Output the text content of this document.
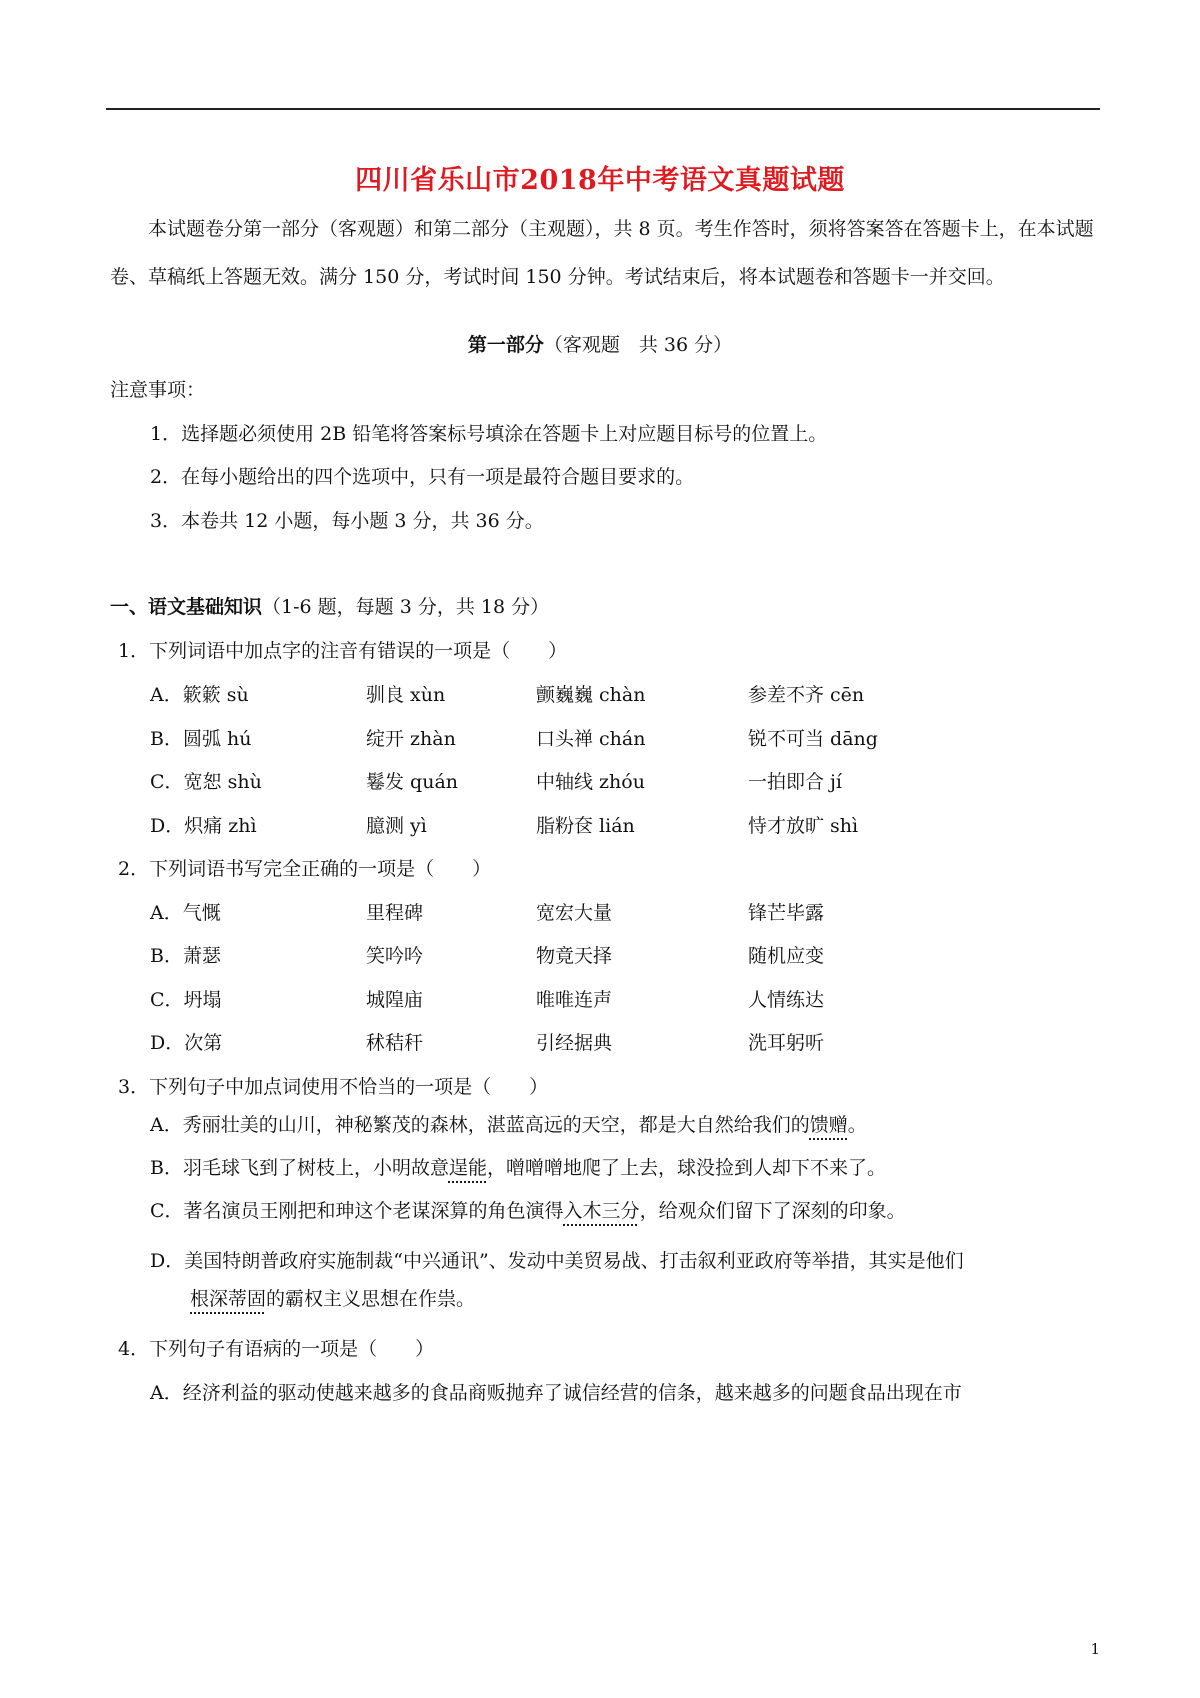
四川省乐山市2018年中考语文真题试题
本试题卷分第一部分（客观题）和第二部分（主观题），共 8 页。考生作答时，须将答案答在答题卡上，在本试题卷、草稿纸上答题无效。满分 150 分，考试时间 150 分钟。考试结束后，将本试题卷和答题卡一并交回。
第一部分（客观题　共 36 分）
注意事项：
1．选择题必须使用 2B 铅笔将答案标号填涂在答题卡上对应题目标号的位置上。
2．在每小题给出的四个选项中，只有一项是最符合题目要求的。
3．本卷共 12 小题，每小题 3 分，共 36 分。
一、语文基础知识（1-6 题，每题 3 分，共 18 分）
1．下列词语中加点字的注音有错误的一项是（　　）
A．簌簌 sù	驯良 xùn	颤巍巍 chàn	参差不齐 cēn
B．圆弧 hú	绽开 zhàn	口头禅 chán	锐不可当 dāng
C．宽恕 shù	鬈发 quán	中轴线 zhóu	一拍即合 jí
D．炽痛 zhì	臆测 yì	脂粉奁 lián	恃才放旷 shì
2．下列词语书写完全正确的一项是（　　）
A．气慨	里程碑	宽宏大量	锋芒毕露
B．萧瑟	笑吟吟	物竟天择	随机应变
C．坍塌	城隍庙	唯唯连声	人情练达
D．次第	秫秸秆	引经据典	洗耳躬听
3．下列句子中加点词使用不恰当的一项是（　　）
A．秀丽壮美的山川，神秘繁茂的森林，湛蓝高远的天空，都是大自然给我们的馈赠。
B．羽毛球飞到了树枝上，小明故意逞能，噌噌噌地爬了上去，球没捡到人却下不来了。
C．著名演员王刚把和珅这个老谋深算的角色演得入木三分，给观众们留下了深刻的印象。
D．美国特朗普政府实施制裁“中兴通讯”、发动中美贸易战、打击叙利亚政府等举措，其实是他们
根深蒂固的霸权主义思想在作祟。
4．下列句子有语病的一项是（　　）
A．经济利益的驱动使越来越多的食品商贩抛弃了诚信经营的信条，越来越多的问题食品出现在市
1
